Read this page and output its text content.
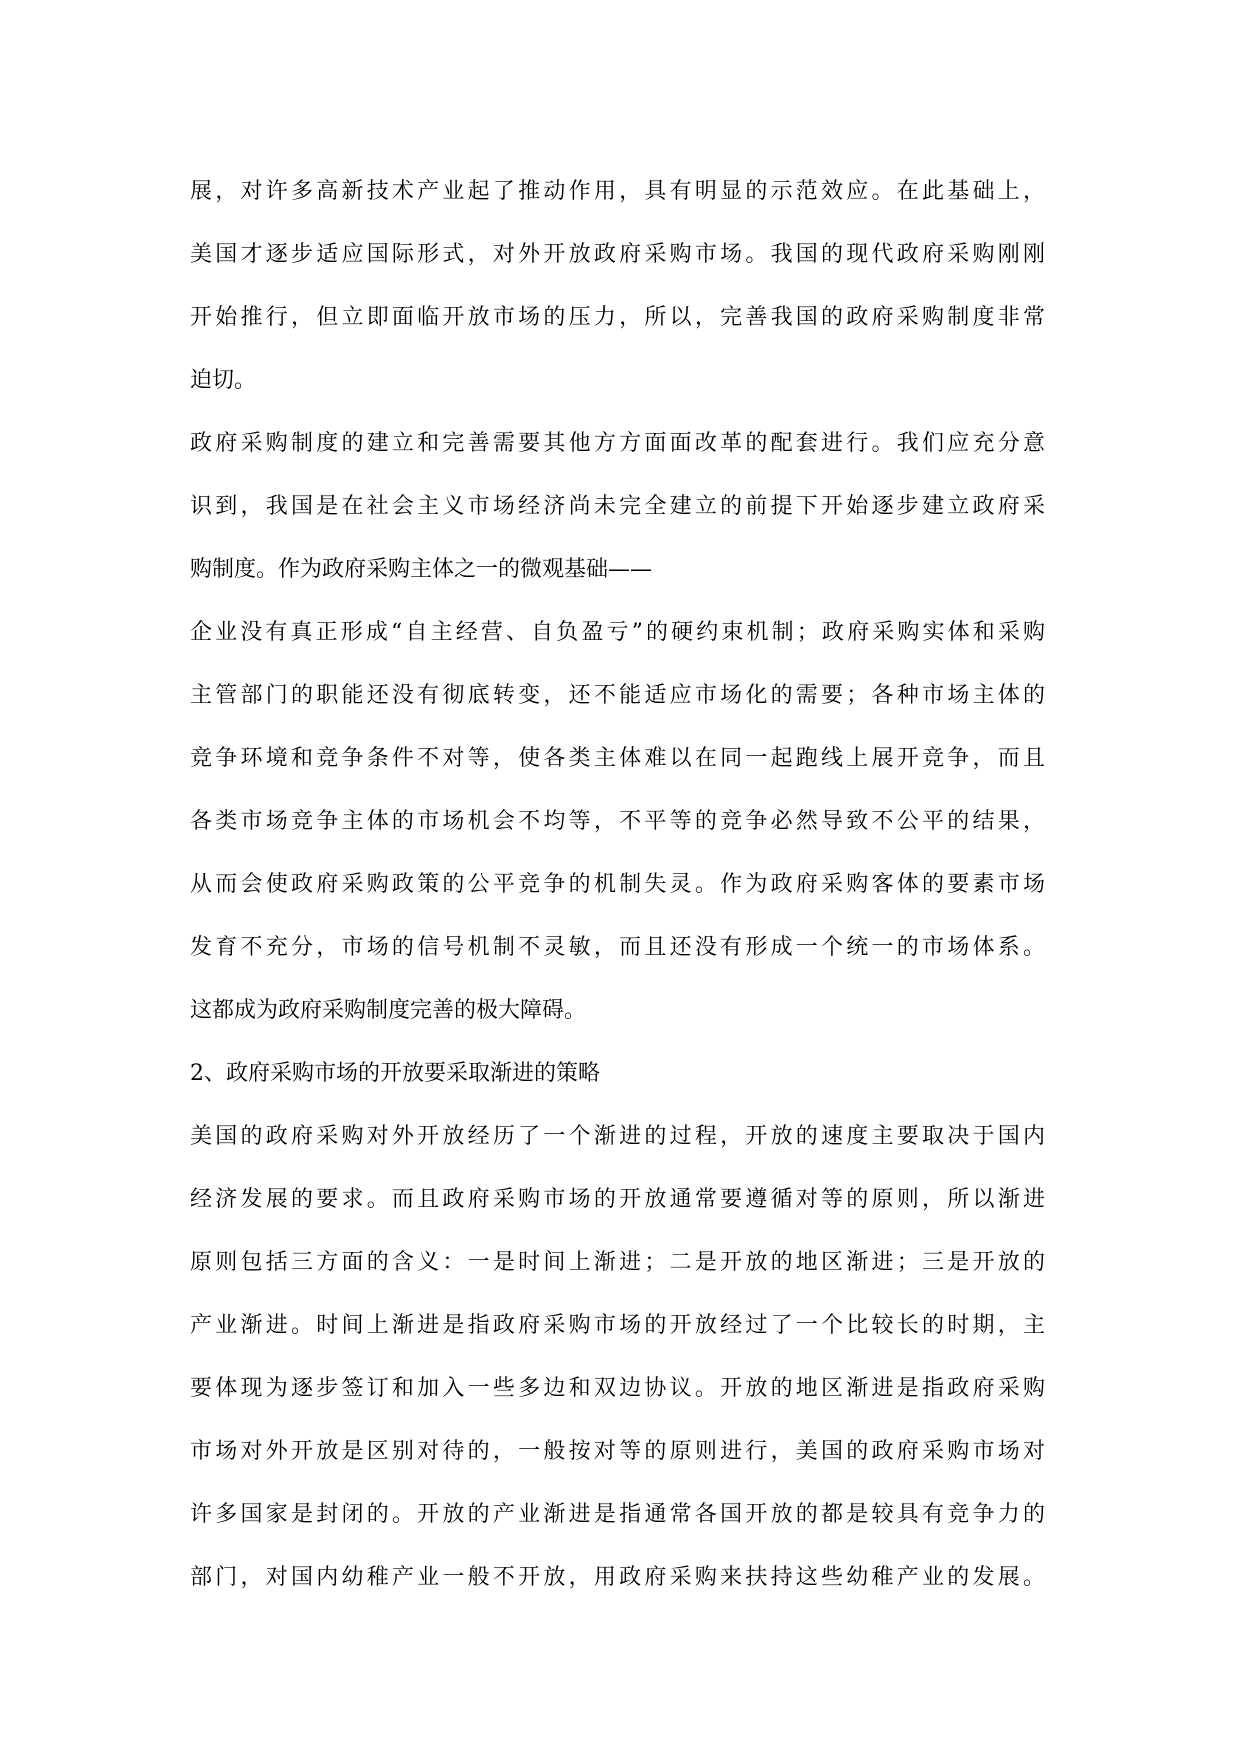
展，对许多高新技术产业起了推动作用，具有明显的示范效应。在此基础上，
美国才逐步适应国际形式，对外开放政府采购市场。我国的现代政府采购刚刚
开始推行，但立即面临开放市场的压力，所以，完善我国的政府采购制度非常
迫切。
政府采购制度的建立和完善需要其他方方面面改革的配套进行。我们应充分意
识到，我国是在社会主义市场经济尚未完全建立的前提下开始逐步建立政府采
购制度。作为政府采购主体之一的微观基础——
企业没有真正形成“自主经营、自负盈亏”的硬约束机制；政府采购实体和采购
主管部门的职能还没有彻底转变，还不能适应市场化的需要；各种市场主体的
竞争环境和竞争条件不对等，使各类主体难以在同一起跑线上展开竞争，而且
各类市场竞争主体的市场机会不均等，不平等的竞争必然导致不公平的结果，
从而会使政府采购政策的公平竞争的机制失灵。作为政府采购客体的要素市场
发育不充分，市场的信号机制不灵敏，而且还没有形成一个统一的市场体系。
这都成为政府采购制度完善的极大障碍。
2、政府采购市场的开放要采取渐进的策略
美国的政府采购对外开放经历了一个渐进的过程，开放的速度主要取决于国内
经济发展的要求。而且政府采购市场的开放通常要遵循对等的原则，所以渐进
原则包括三方面的含义：一是时间上渐进；二是开放的地区渐进；三是开放的
产业渐进。时间上渐进是指政府采购市场的开放经过了一个比较长的时期，主
要体现为逐步签订和加入一些多边和双边协议。开放的地区渐进是指政府采购
市场对外开放是区别对待的，一般按对等的原则进行，美国的政府采购市场对
许多国家是封闭的。开放的产业渐进是指通常各国开放的都是较具有竞争力的
部门，对国内幼稚产业一般不开放，用政府采购来扶持这些幼稚产业的发展。
